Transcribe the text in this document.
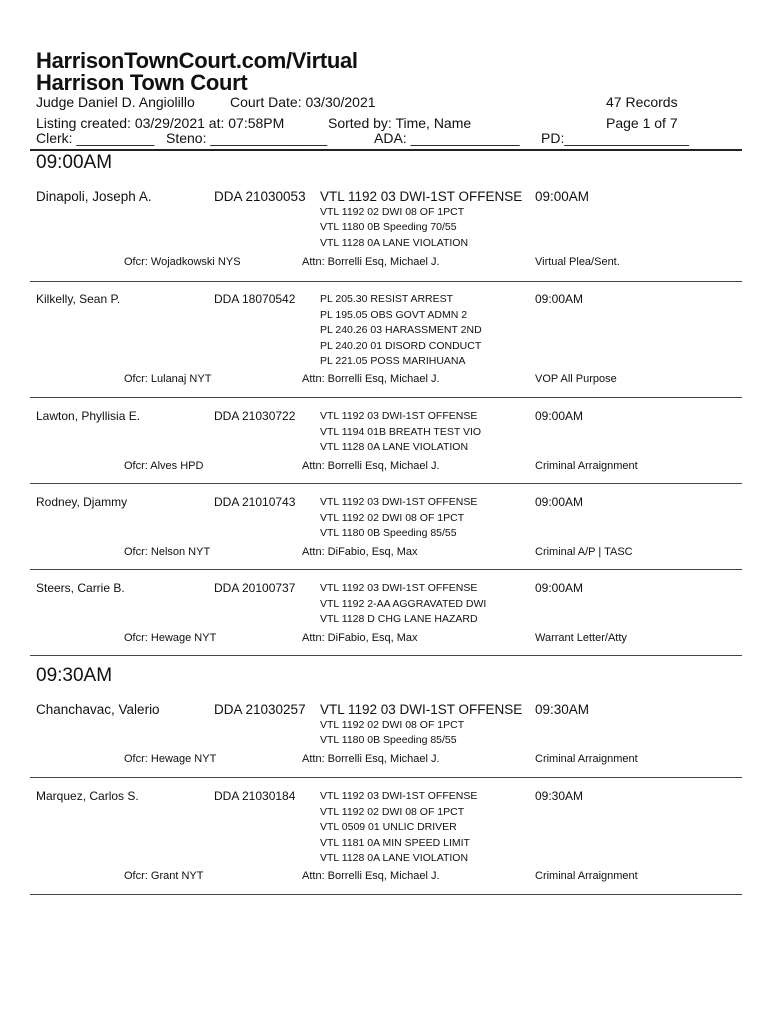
HarrisonTownCourt.com/Virtual
Harrison Town Court
Judge Daniel D. Angiolillo	Court Date: 03/30/2021	47 Records
Listing created: 03/29/2021 at: 07:58PM	Sorted by: Time, Name	Page 1 of 7
Clerk: __________ Steno: _______________	ADA: ______________ PD:________________
09:00AM
Dinapoli, Joseph A.	DDA 21030053 VTL 1192 03 DWI-1ST OFFENSE
VTL 1192 02 DWI 08 OF 1PCT
VTL 1180 0B Speeding 70/55
VTL 1128 0A LANE VIOLATION
09:00AM
Ofcr: Wojadkowski NYS	Attn: Borrelli Esq, Michael J.	Virtual Plea/Sent.
Kilkelly, Sean P.	DDA 18070542 PL 205.30 RESIST ARREST
PL 195.05 OBS GOVT ADMN 2
PL 240.26 03 HARASSMENT 2ND
PL 240.20 01 DISORD CONDUCT
PL 221.05 POSS MARIHUANA
09:00AM
Ofcr: Lulanaj NYT	Attn: Borrelli Esq, Michael J.	VOP All Purpose
Lawton, Phyllisia E.	DDA 21030722 VTL 1192 03 DWI-1ST OFFENSE
VTL 1194 01B BREATH TEST VIO
VTL 1128 0A LANE VIOLATION
09:00AM
Ofcr: Alves HPD	Attn: Borrelli Esq, Michael J.	Criminal Arraignment
Rodney, Djammy	DDA 21010743 VTL 1192 03 DWI-1ST OFFENSE
VTL 1192 02 DWI 08 OF 1PCT
VTL 1180 0B Speeding 85/55
09:00AM
Ofcr: Nelson NYT	Attn: DiFabio, Esq, Max	Criminal A/P | TASC
Steers, Carrie B.	DDA 20100737 VTL 1192 03 DWI-1ST OFFENSE
VTL 1192 2-AA AGGRAVATED DWI
VTL 1128 D CHG LANE HAZARD
09:00AM
Ofcr: Hewage NYT	Attn: DiFabio, Esq, Max	Warrant Letter/Atty
09:30AM
Chanchavac, Valerio	DDA 21030257 VTL 1192 03 DWI-1ST OFFENSE
VTL 1192 02 DWI 08 OF 1PCT
VTL 1180 0B Speeding 85/55
09:30AM
Ofcr: Hewage NYT	Attn: Borrelli Esq, Michael J.	Criminal Arraignment
Marquez, Carlos S.	DDA 21030184 VTL 1192 03 DWI-1ST OFFENSE
VTL 1192 02 DWI 08 OF 1PCT
VTL 0509 01 UNLIC DRIVER
VTL 1181 0A MIN SPEED LIMIT
VTL 1128 0A LANE VIOLATION
09:30AM
Ofcr: Grant NYT	Attn: Borrelli Esq, Michael J.	Criminal Arraignment
